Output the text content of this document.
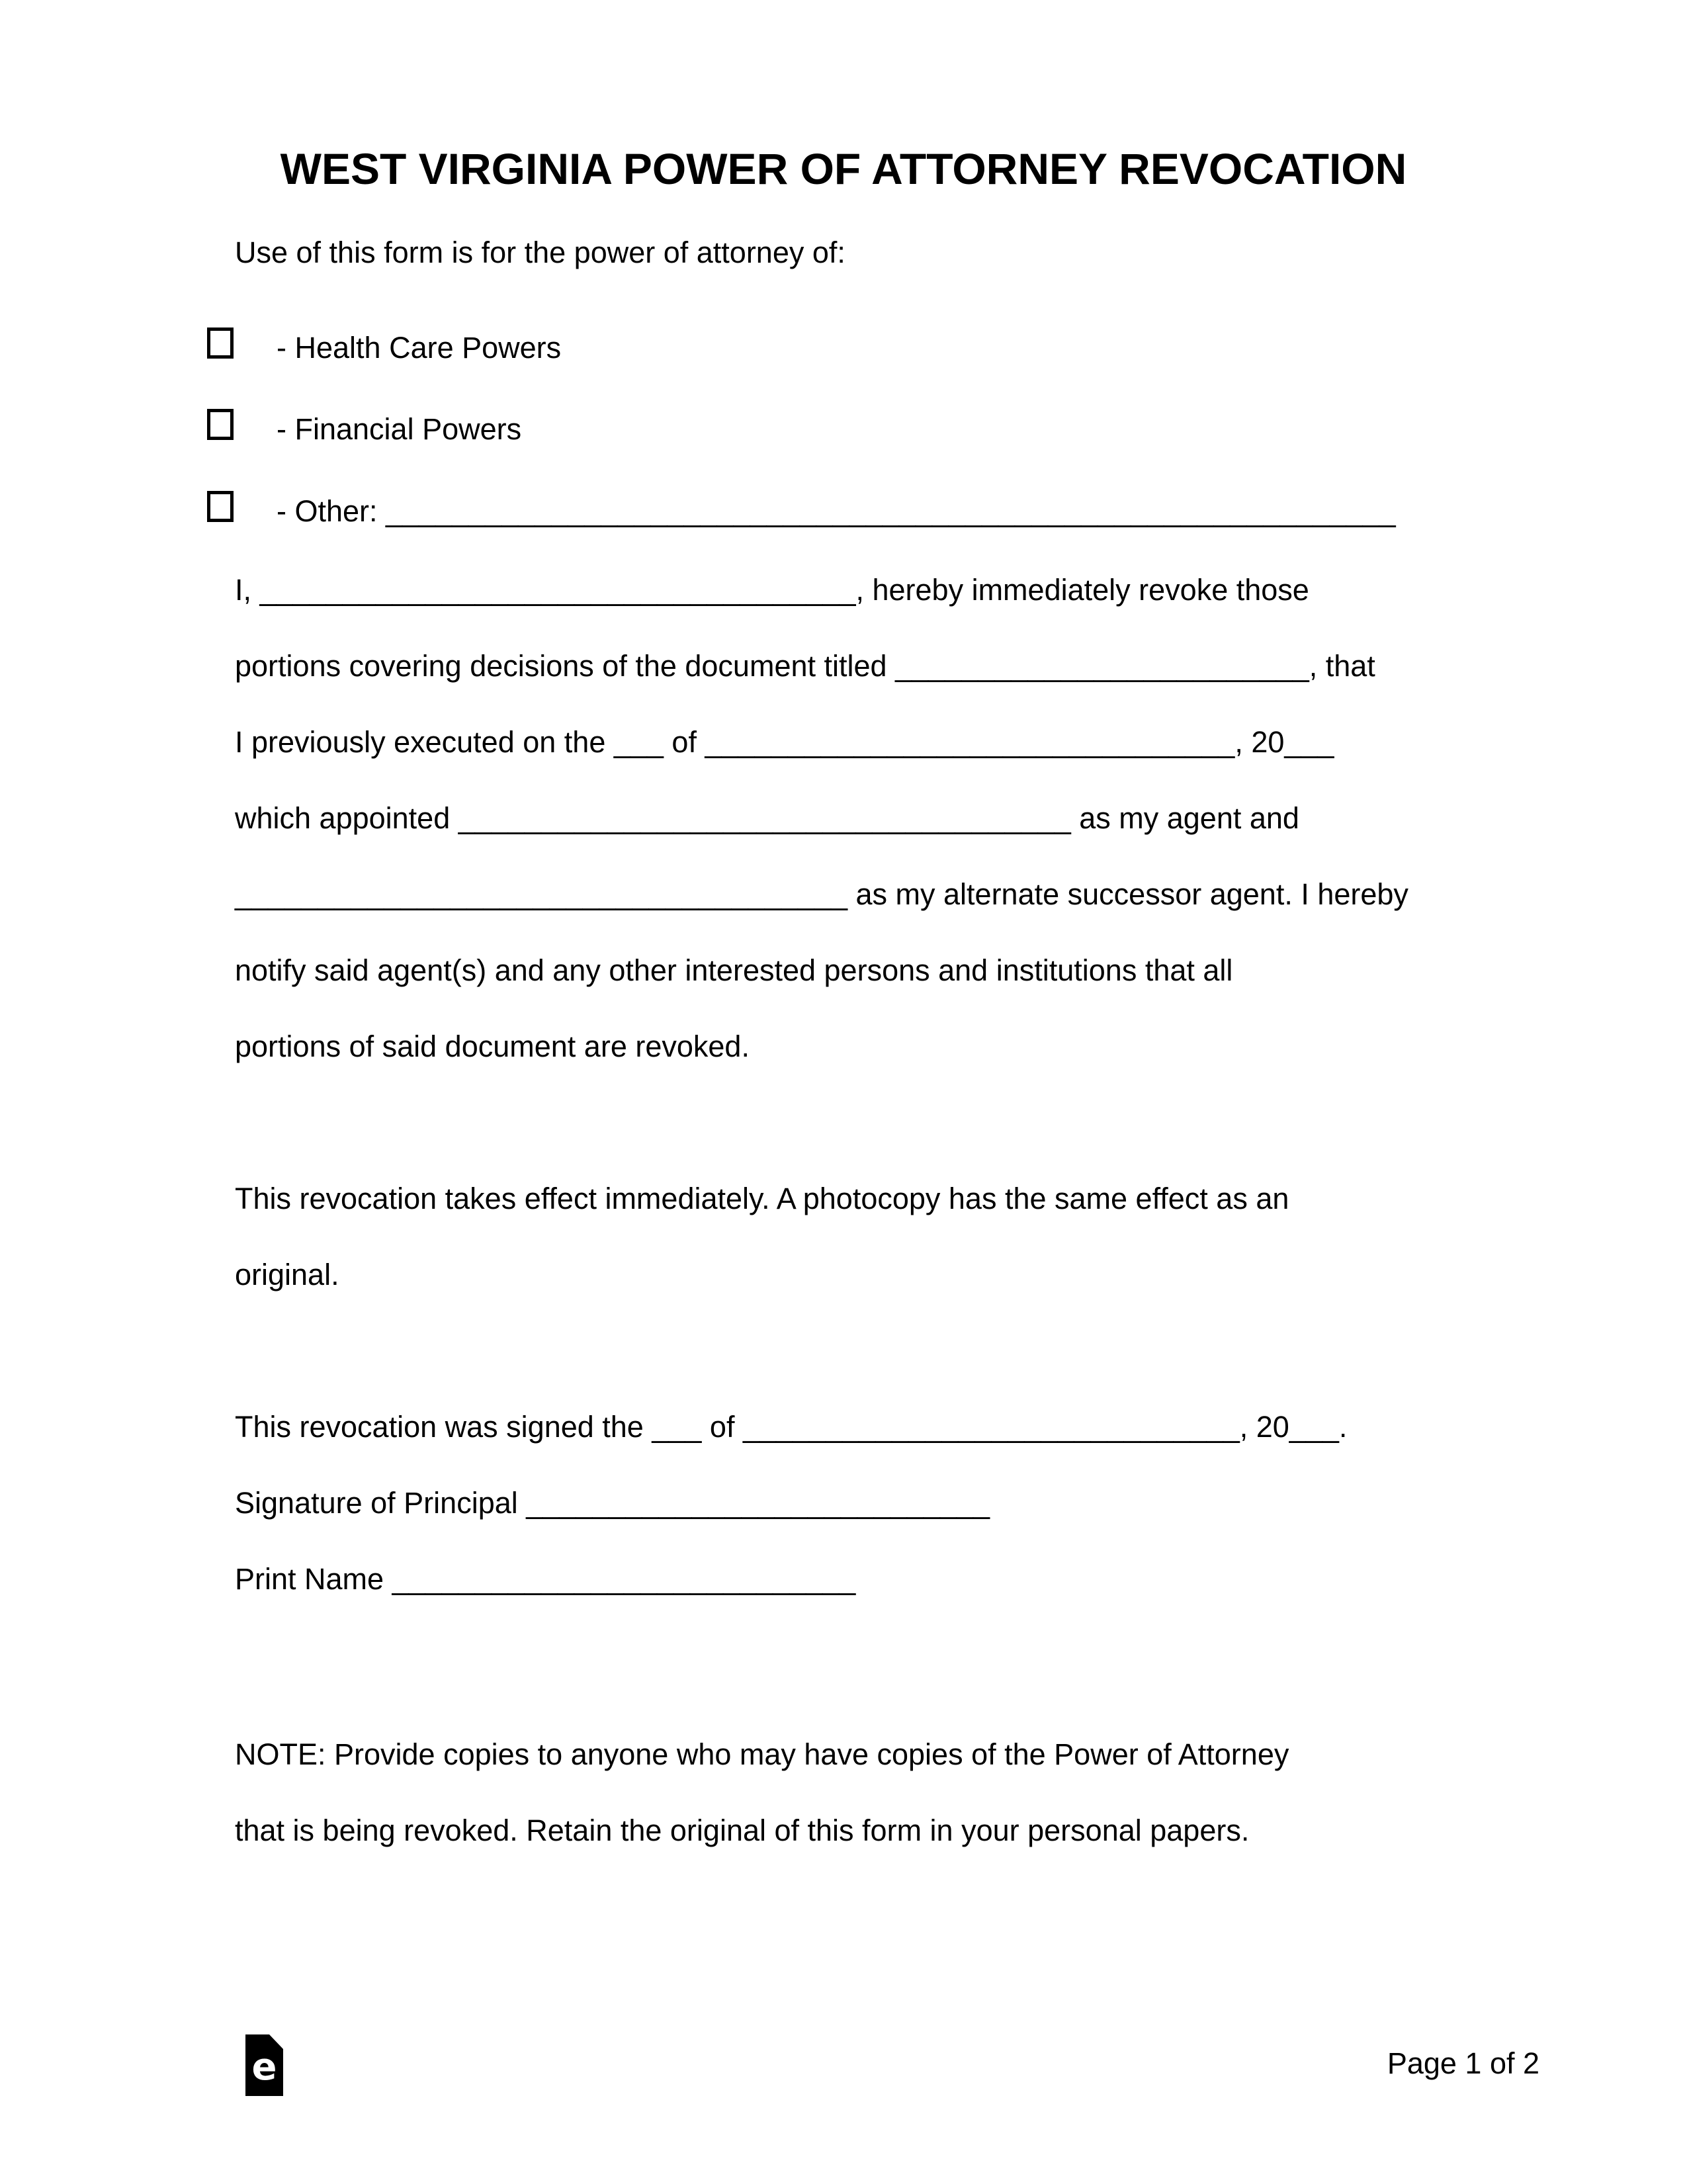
WEST VIRGINIA POWER OF ATTORNEY REVOCATION
Use of this form is for the power of attorney of:
- Health Care Powers
- Financial Powers
- Other: _____________________________________________________________
I, ____________________________________, hereby immediately revoke those
portions covering decisions of the document titled _________________________, that
I previously executed on the ___ of ________________________________, 20___
which appointed _____________________________________ as my agent and
_____________________________________ as my alternate successor agent. I hereby
notify said agent(s) and any other interested persons and institutions that all
portions of said document are revoked.
This revocation takes effect immediately. A photocopy has the same effect as an
original.
This revocation was signed the ___ of ______________________________, 20___.
Signature of Principal ____________________________
Print Name ____________________________
NOTE: Provide copies to anyone who may have copies of the Power of Attorney
that is being revoked. Retain the original of this form in your personal papers.
e	Page 1 of 2
